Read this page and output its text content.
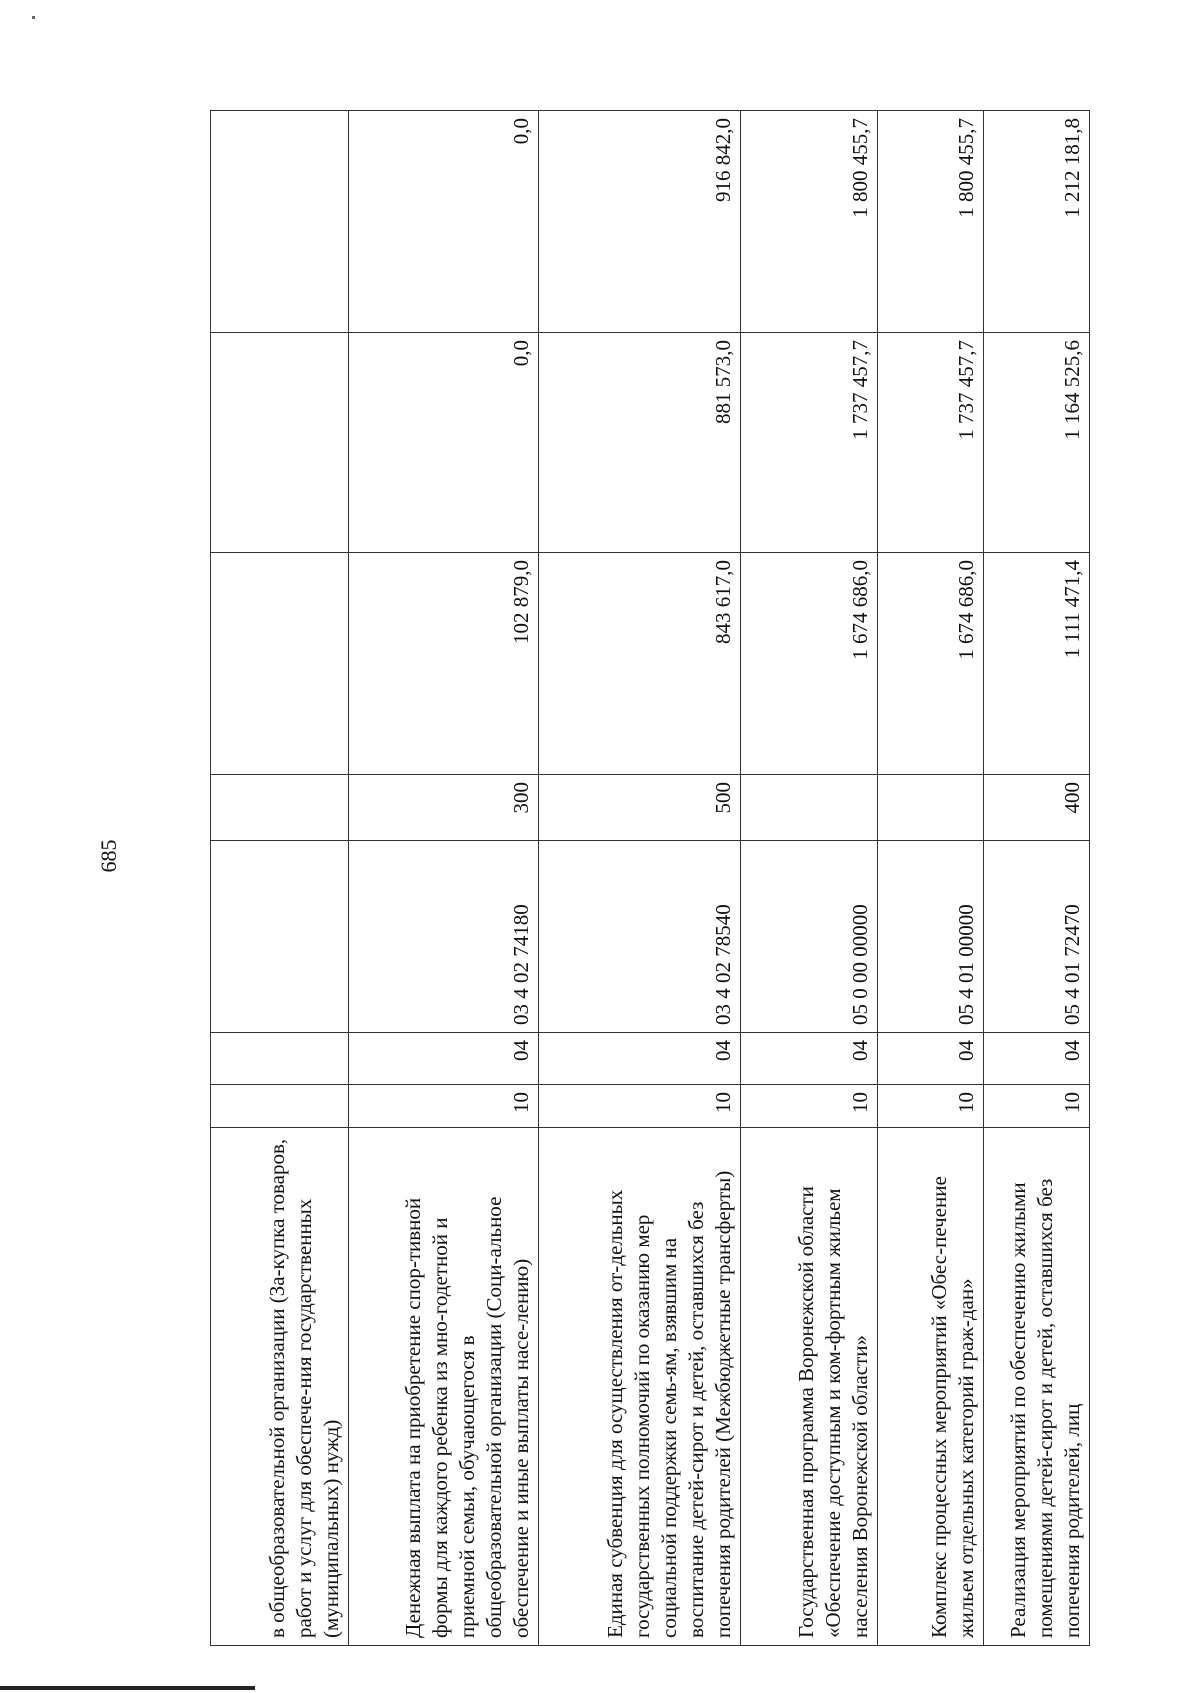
685
в общеобразовательной организации (За-купка товаров, работ и услуг для обеспече-ния государственных (муниципальных) нужд)							
Денежная выплата на приобретение спор-тивной формы для каждого ребенка из мно-годетной и приемной семьи, обучающегося в общеобразовательной организации (Соци-альное обеспечение и иные выплаты насе-лению)	10	04	03 4 02 74180	300	102 879,0	0,0	0,0
Единая субвенция для осуществления от-дельных государственных полномочий по оказанию мер социальной поддержки семь-ям, взявшим на воспитание детей-сирот и детей, оставшихся без попечения родителей (Межбюджетные трансферты)	10	04	03 4 02 78540	500	843 617,0	881 573,0	916 842,0
Государственная программа Воронежской области «Обеспечение доступным и ком-фортным жильем населения Воронежской области»	10	04	05 0 00 00000		1 674 686,0	1 737 457,7	1 800 455,7
Комплекс процессных мероприятий «Обес-печение жильем отдельных категорий граж-дан»	10	04	05 4 01 00000		1 674 686,0	1 737 457,7	1 800 455,7
Реализация мероприятий по обеспечению жилыми помещениями детей-сирот и детей, оставшихся без попечения родителей, лиц	10	04	05 4 01 72470	400	1 111 471,4	1 164 525,6	1 212 181,8
